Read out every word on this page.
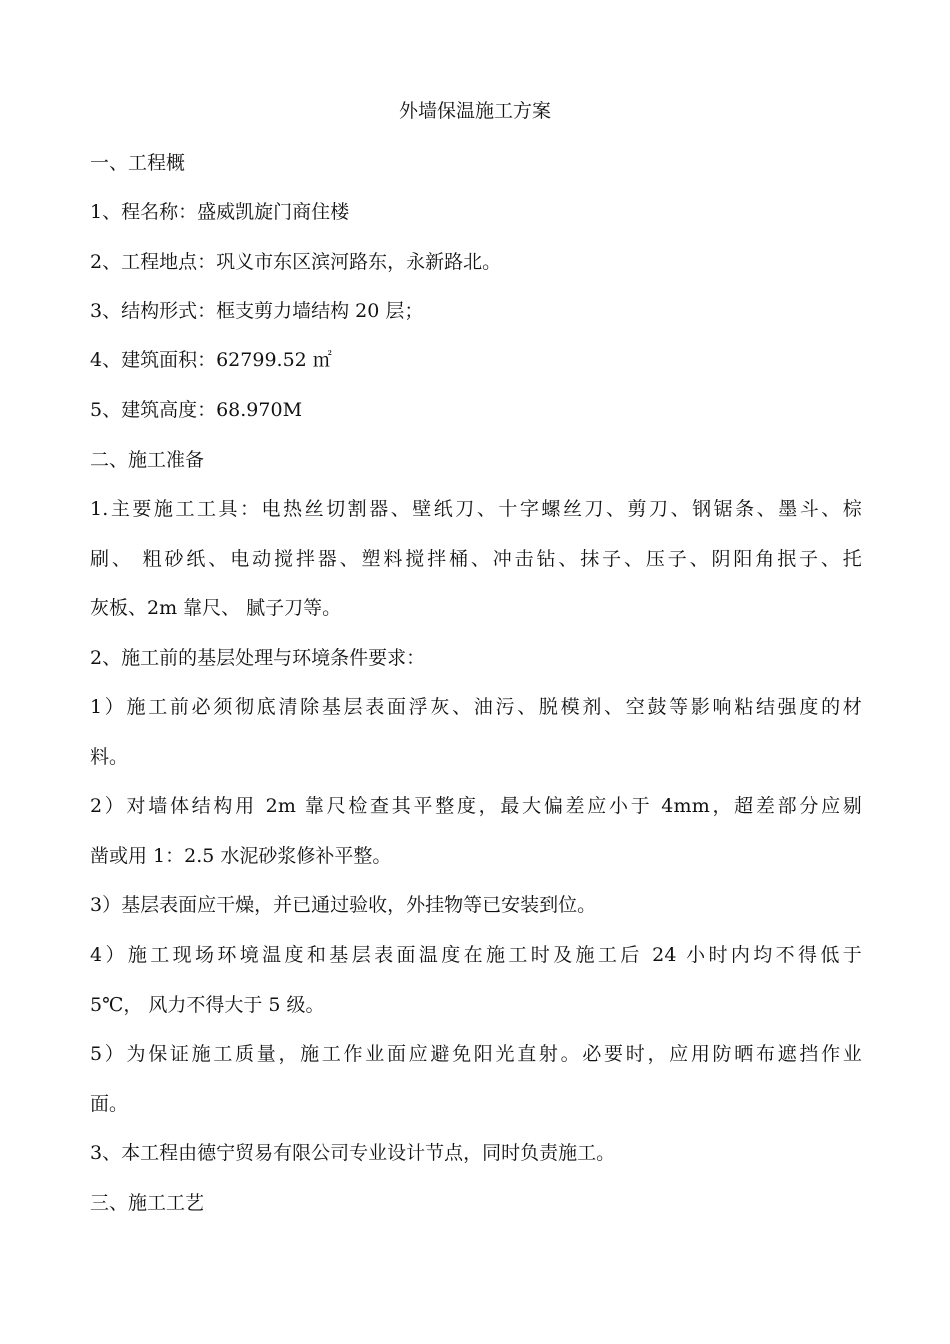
外墙保温施工方案
一、工程概
1、程名称：盛威凯旋门商住楼
2、工程地点：巩义市东区滨河路东，永新路北。
3、结构形式：框支剪力墙结构 20 层；
4、建筑面积：62799.52 ㎡
5、建筑高度：68.970M
二、施工准备
1.主要施工工具：电热丝切割器、壁纸刀、十字螺丝刀、剪刀、钢锯条、墨斗、棕
刷、 粗砂纸、电动搅拌器、塑料搅拌桶、冲击钻、抹子、压子、阴阳角抿子、托
灰板、2m 靠尺、 腻子刀等。
2、施工前的基层处理与环境条件要求：
1）施工前必须彻底清除基层表面浮灰、油污、脱模剂、空鼓等影响粘结强度的材
料。
2）对墙体结构用 2m 靠尺检查其平整度，最大偏差应小于 4mm，超差部分应剔
凿或用 1：2.5 水泥砂浆修补平整。
3）基层表面应干燥，并已通过验收，外挂物等已安装到位。
4）施工现场环境温度和基层表面温度在施工时及施工后 24 小时内均不得低于
5℃， 风力不得大于 5 级。
5）为保证施工质量，施工作业面应避免阳光直射。必要时，应用防晒布遮挡作业
面。
3、本工程由德宁贸易有限公司专业设计节点，同时负责施工。
三、施工工艺
